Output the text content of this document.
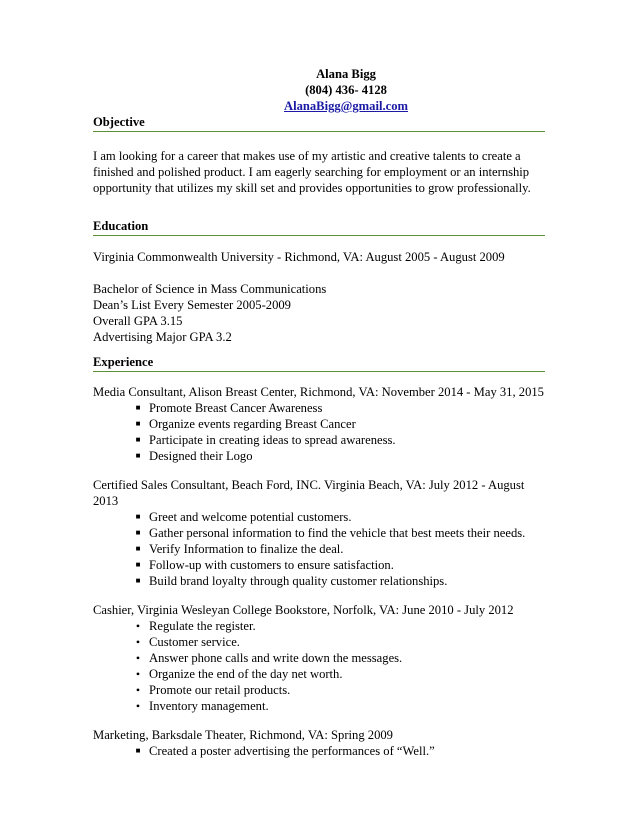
Alana Bigg
(804) 436- 4128
AlanaBigg@gmail.com
Objective

I am looking for a career that makes use of my artistic and creative talents to create a finished and polished product. I am eagerly searching for employment or an internship opportunity that utilizes my skill set and provides opportunities to grow professionally.

Education
Virginia Commonwealth University - Richmond, VA: August 2005 - August 2009
Bachelor of Science in Mass Communications
Dean’s List Every Semester 2005-2009
Overall GPA 3.15
Advertising Major GPA 3.2
Experience
Media Consultant, Alison Breast Center, Richmond, VA: November 2014 - May 31, 2015
■ Promote Breast Cancer Awareness
■ Organize events regarding Breast Cancer
■ Participate in creating ideas to spread awareness.
■ Designed their Logo
Certified Sales Consultant, Beach Ford, INC. Virginia Beach, VA: July 2012 - August 2013
■ Greet and welcome potential customers.
■ Gather personal information to find the vehicle that best meets their needs.
■ Verify Information to finalize the deal.
■ Follow-up with customers to ensure satisfaction.
■ Build brand loyalty through quality customer relationships.
Cashier, Virginia Wesleyan College Bookstore, Norfolk, VA: June 2010 - July 2012
• Regulate the register.
• Customer service.
• Answer phone calls and write down the messages.
• Organize the end of the day net worth.
• Promote our retail products.
• Inventory management.
Marketing, Barksdale Theater, Richmond, VA: Spring 2009
■ Created a poster advertising the performances of “Well.”
